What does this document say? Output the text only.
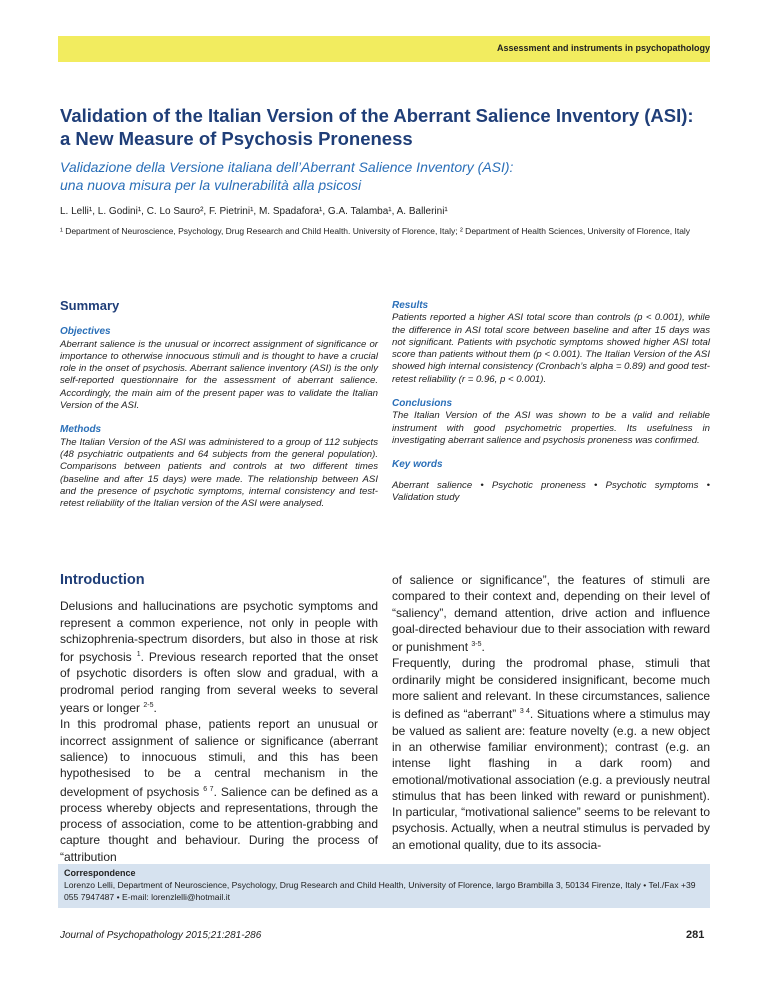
Assessment and instruments in psychopathology
Validation of the Italian Version of the Aberrant Salience Inventory (ASI):
a New Measure of Psychosis Proneness
Validazione della Versione italiana dell’Aberrant Salience Inventory (ASI):
una nuova misura per la vulnerabilità alla psicosi
L. Lelli¹, L. Godini¹, C. Lo Sauro², F. Pietrini¹, M. Spadafora¹, G.A. Talamba¹, A. Ballerini¹
¹ Department of Neuroscience, Psychology, Drug Research and Child Health. University of Florence, Italy; ² Department of Health Sciences, University of Florence, Italy
Summary
Objectives

Aberrant salience is the unusual or incorrect assignment of significance or importance to otherwise innocuous stimuli and is thought to have a crucial role in the onset of psychosis. Aberrant salience inventory (ASI) is the only self-reported questionnaire for the assessment of aberrant salience. Accordingly, the main aim of the present paper was to validate the Italian Version of the ASI.

Methods

The Italian Version of the ASI was administered to a group of 112 subjects (48 psychiatric outpatients and 64 subjects from the general population). Comparisons between patients and controls at two different times (baseline and after 15 days) were made. The relationship between ASI and the presence of psychotic symptoms, internal consistency and test-retest reliability of the Italian version of the ASI were analysed.

Results

Patients reported a higher ASI total score than controls (p < 0.001), while the difference in ASI total score between baseline and after 15 days was not significant. Patients with psychotic symptoms showed higher ASI total score than patients without them (p < 0.001). The Italian Version of the ASI showed high internal consistency (Cronbach’s alpha = 0.89) and good test-retest reliability (r = 0.96, p < 0.001).

Conclusions

The Italian Version of the ASI was shown to be a valid and reliable instrument with good psychometric properties. Its usefulness in investigating aberrant salience and psychosis proneness was confirmed.

Key words

Aberrant salience • Psychotic proneness • Psychotic symptoms • Validation study

Introduction

Delusions and hallucinations are psychotic symptoms and represent a common experience, not only in people with schizophrenia-spectrum disorders, but also in those at risk for psychosis $^1$. Previous research reported that the onset of psychotic disorders is often slow and gradual, with a prodromal period ranging from several weeks to several years or longer $^{2-5}$.

In this prodromal phase, patients report an unusual or incorrect assignment of salience or significance (aberrant salience) to innocuous stimuli, and this has been hypothesised to be a central mechanism in the development of psychosis $^{6 7}$. Salience can be defined as a process whereby objects and representations, through the process of association, come to be attention-grabbing and capture thought and behaviour. During the process of “attribution

of salience or significance”, the features of stimuli are compared to their context and, depending on their level of “saliency”, demand attention, drive action and influence goal-directed behaviour due to their association with reward or punishment $^{3-5}$.

Frequently, during the prodromal phase, stimuli that ordinarily might be considered insignificant, become much more salient and relevant. In these circumstances, salience is defined as “aberrant” $^{3 4}$. Situations where a stimulus may be valued as salient are: feature novelty (e.g. a new object in an otherwise familiar environment); contrast (e.g. an intense light flashing in a dark room) and emotional/motivational association (e.g. a previously neutral stimulus that has been linked with reward or punishment). In particular, “motivational salience” seems to be relevant to psychosis. Actually, when a neutral stimulus is pervaded by an emotional quality, due to its associa-

Correspondence
Lorenzo Lelli, Department of Neuroscience, Psychology, Drug Research and Child Health, University of Florence, largo Brambilla 3, 50134 Firenze, Italy • Tel./Fax +39 055 7947487 • E-mail: lorenzlelli@hotmail.it
Journal of Psychopathology 2015;21:281-286	281
